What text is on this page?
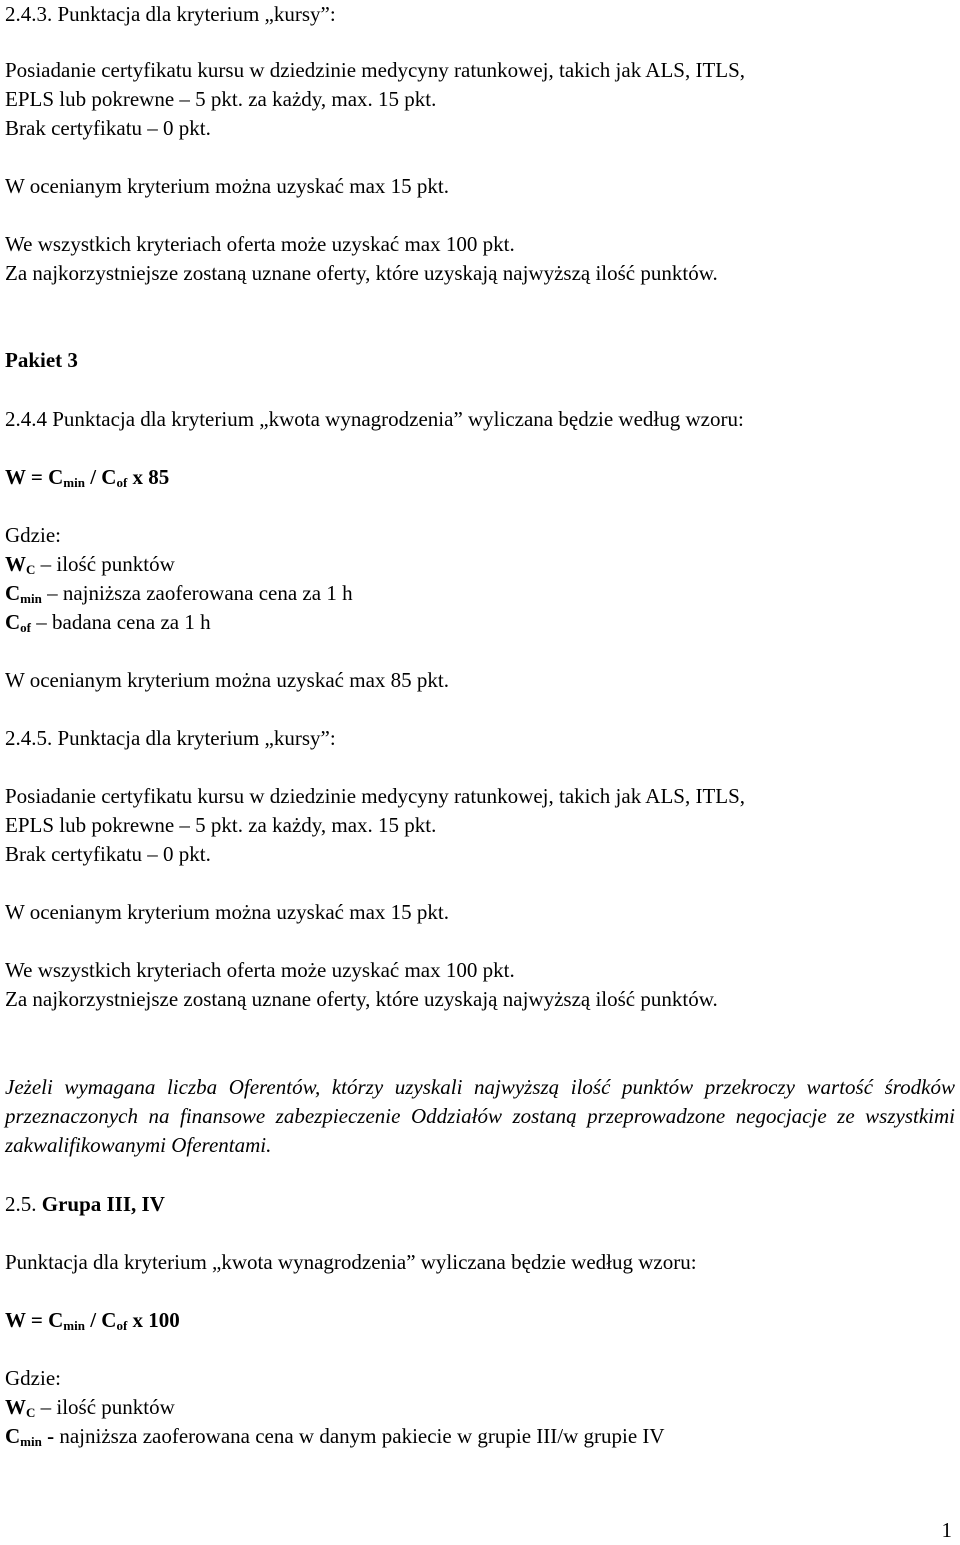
2.4.3. Punktacja dla kryterium „kursy”:
Posiadanie certyfikatu kursu w dziedzinie medycyny ratunkowej, takich jak ALS, ITLS,
EPLS lub pokrewne – 5 pkt. za każdy, max. 15 pkt.
Brak certyfikatu – 0 pkt.
W ocenianym kryterium można uzyskać max 15 pkt.
We wszystkich kryteriach oferta może uzyskać max 100 pkt.
Za najkorzystniejsze zostaną uznane oferty, które uzyskają najwyższą ilość punktów.
Pakiet 3
2.4.4 Punktacja dla kryterium „kwota wynagrodzenia” wyliczana będzie według wzoru:
$W = C_{min} / C_{of}$ x 85
Gdzie:
$W_C$ – ilość punktów
$C_{min}$ – najniższa zaoferowana cena za 1 h
$C_{of}$ – badana cena za 1 h
W ocenianym kryterium można uzyskać max 85 pkt.
2.4.5. Punktacja dla kryterium „kursy”:
Posiadanie certyfikatu kursu w dziedzinie medycyny ratunkowej, takich jak ALS, ITLS,
EPLS lub pokrewne – 5 pkt. za każdy, max. 15 pkt.
Brak certyfikatu – 0 pkt.
W ocenianym kryterium można uzyskać max 15 pkt.
We wszystkich kryteriach oferta może uzyskać max 100 pkt.
Za najkorzystniejsze zostaną uznane oferty, które uzyskają najwyższą ilość punktów.
Jeżeli wymagana liczba Oferentów, którzy uzyskali najwyższą ilość punktów przekroczy wartość środków przeznaczonych na finansowe zabezpieczenie Oddziałów zostaną przeprowadzone negocjacje ze wszystkimi zakwalifikowanymi Oferentami.
2.5. Grupa III, IV
Punktacja dla kryterium „kwota wynagrodzenia” wyliczana będzie według wzoru:
$W = C_{min} / C_{of}$ x 100
Gdzie:
$W_C$ – ilość punktów
$C_{min}$ - najniższa zaoferowana cena w danym pakiecie w grupie III/w grupie IV
1
